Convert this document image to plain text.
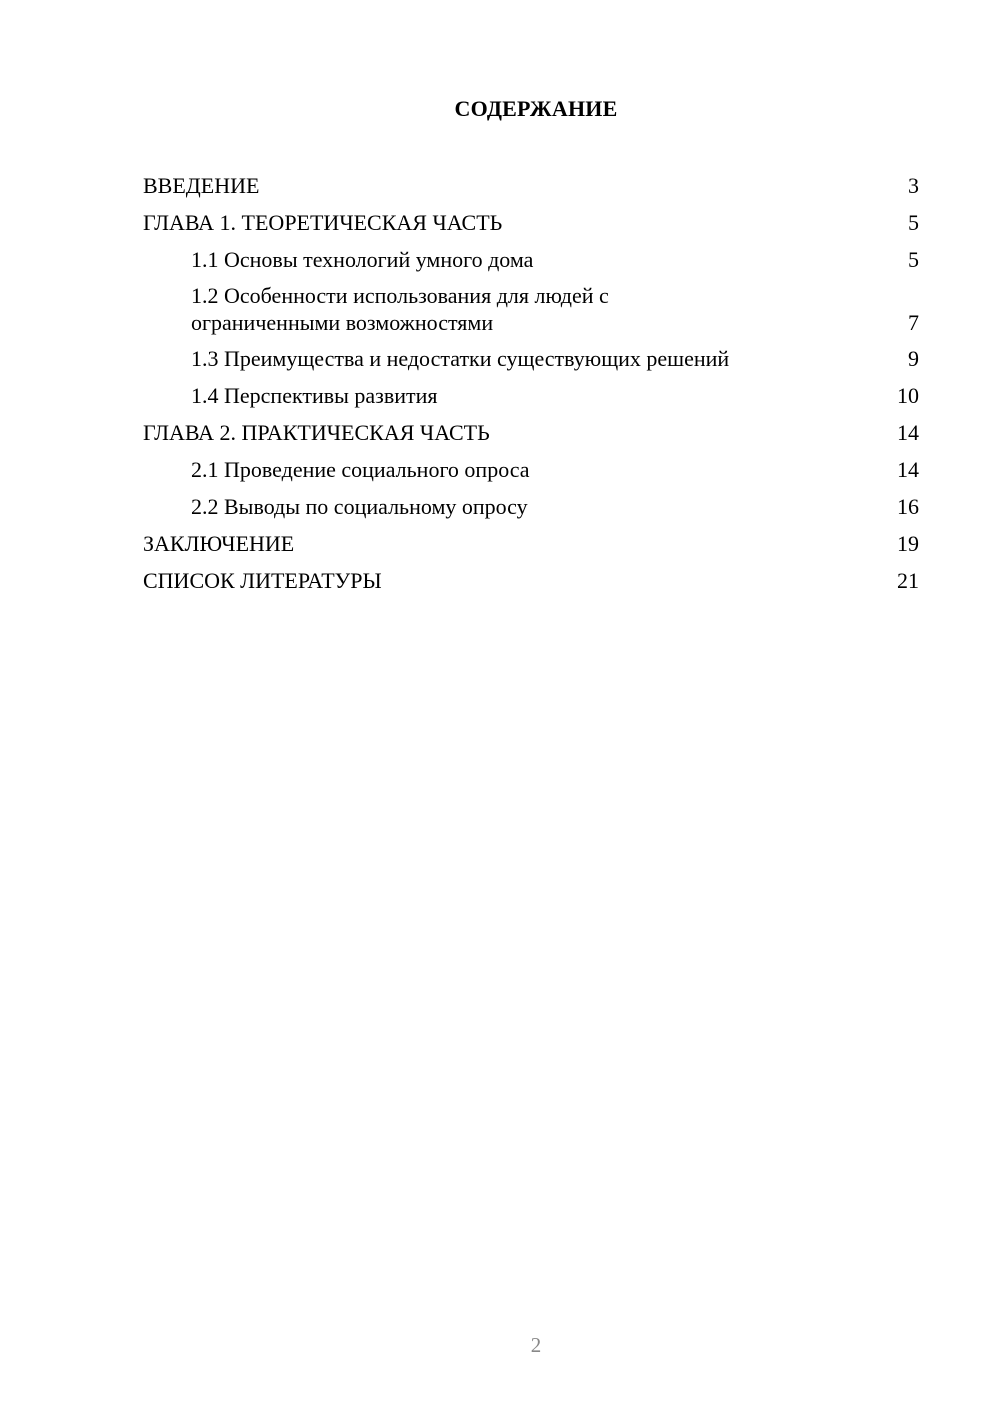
СОДЕРЖАНИЕ
ВВЕДЕНИЕ	3
ГЛАВА 1. ТЕОРЕТИЧЕСКАЯ ЧАСТЬ	5
1.1 Основы технологий умного дома	5
1.2 Особенности использования для людей с
ограниченными возможностями	7
1.3 Преимущества и недостатки существующих решений	9
1.4 Перспективы развития	10
ГЛАВА 2. ПРАКТИЧЕСКАЯ ЧАСТЬ	14
2.1 Проведение социального опроса	14
2.2 Выводы по социальному опросу	16
ЗАКЛЮЧЕНИЕ	19
СПИСОК ЛИТЕРАТУРЫ	21
2
